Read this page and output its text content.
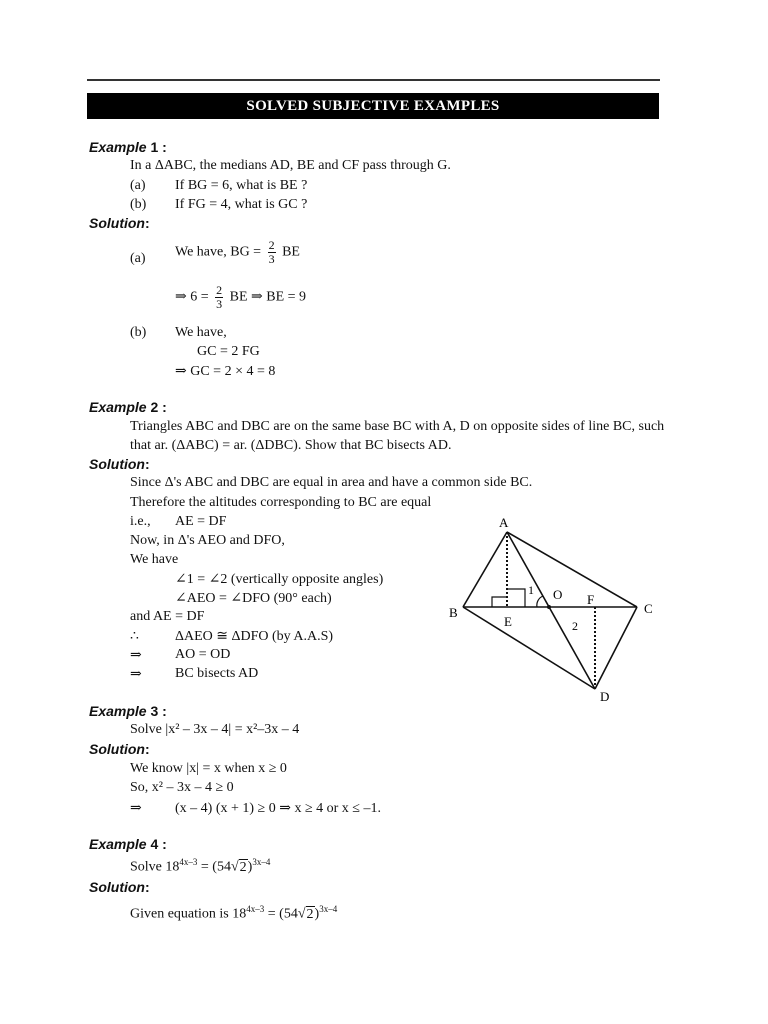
SOLVED SUBJECTIVE EXAMPLES
Example 1 :
In a ΔABC, the medians AD, BE and CF pass through G.
(a) If BG = 6, what is BE ?
(b) If FG = 4, what is GC ?
Solution:
(a) We have, BG = $\frac{2}{3}$ BE
⇒ $6 = \frac{2}{3}$ BE ⇒ BE = 9
(b) We have,
GC = 2 FG
⇒ GC = 2 × 4 = 8
Example 2 :
Triangles ABC and DBC are on the same base BC with A, D on opposite sides of line BC, such
that ar. (ΔABC) = ar. (ΔDBC). Show that BC bisects AD.
Solution:
Since Δ's ABC and DBC are equal in area and have a common side BC.
Therefore the altitudes corresponding to BC are equal
i.e., AE = DF
Now, in Δ's AEO and DFO,
We have
∠1 = ∠2 (vertically opposite angles)
∠AEO = ∠DFO (90° each)
and AE = DF
∴	ΔAEO ≅ ΔDFO (by A.A.S)
⇒ AO = OD
⇒ BC bisects AD
A
B	C
D
E
F
O
1
2
Example 3 :
Solve |x² – 3x – 4| = x²–3x – 4
Solution:
We know |x| = x when x ≥ 0
So, x² – 3x – 4 ≥ 0
⇒ (x – 4) (x + 1) ≥ 0 ⇒ x ≥ 4 or x ≤ –1.
Example 4 :
Solve $18^{4x-3} = (54√2)^{3x-4}$
Solution:
Given equation is $18^{4x-3} = (54√2)^{3x-4}$
